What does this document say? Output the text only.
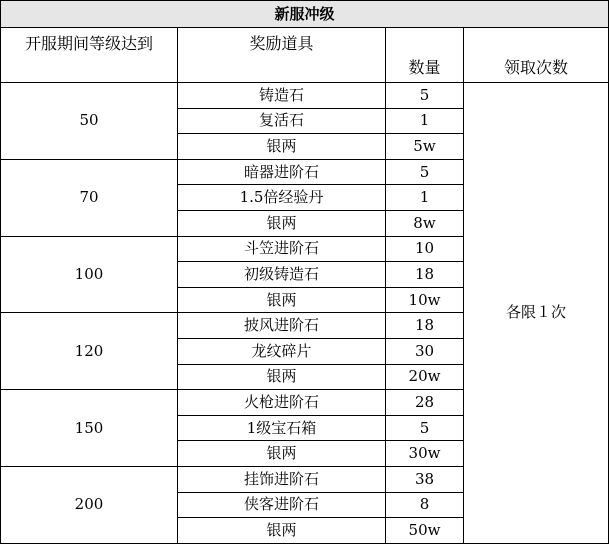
新服冲级			
开服期间等级达到	奖励道具	数量	领取次数
50	铸造石	5	各限１次
	复活石	1	
	银两	5w	
70	暗器进阶石	5	
	1.5倍经验丹	1	
	银两	8w	
100	斗笠进阶石	10	
	初级铸造石	18	
	银两	10w	
120	披风进阶石	18	
	龙纹碎片	30	
	银两	20w	
150	火枪进阶石	28	
	1级宝石箱	5	
	银两	30w	
200	挂饰进阶石	38	
	侠客进阶石	8	
	银两	50w	
